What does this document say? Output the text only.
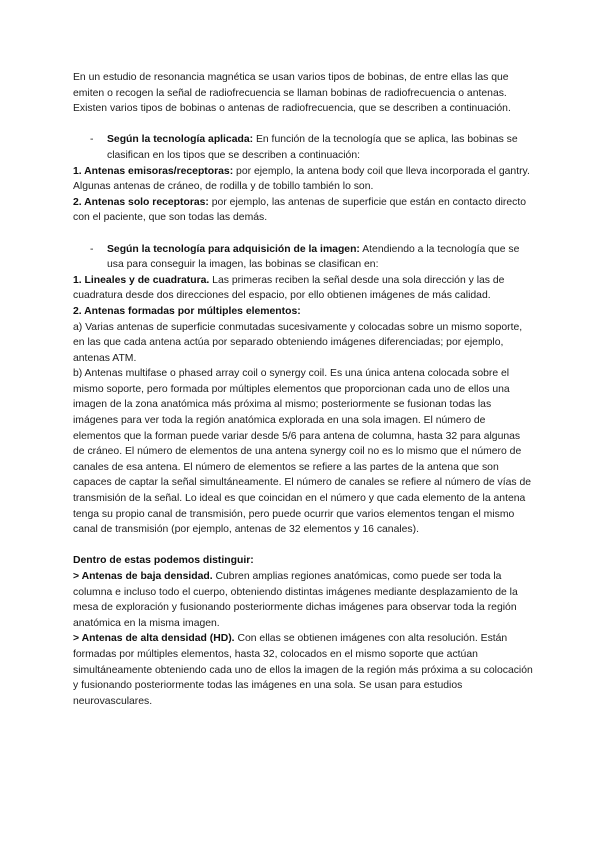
En un estudio de resonancia magnética se usan varios tipos de bobinas, de entre ellas las que emiten o recogen la señal de radiofrecuencia se llaman bobinas de radiofrecuencia o antenas. Existen varios tipos de bobinas o antenas de radiofrecuencia, que se describen a continuación.

- Según la tecnología aplicada: En función de la tecnología que se aplica, las bobinas se clasifican en los tipos que se describen a continuación:

1. Antenas emisoras/receptoras: por ejemplo, la antena body coil que lleva incorporada el gantry. Algunas antenas de cráneo, de rodilla y de tobillo también lo son.

2. Antenas solo receptoras: por ejemplo, las antenas de superficie que están en contacto directo con el paciente, que son todas las demás.

- Según la tecnología para adquisición de la imagen: Atendiendo a la tecnología que se usa para conseguir la imagen, las bobinas se clasifican en:

1. Lineales y de cuadratura. Las primeras reciben la señal desde una sola dirección y las de cuadratura desde dos direcciones del espacio, por ello obtienen imágenes de más calidad.

2. Antenas formadas por múltiples elementos:

a) Varias antenas de superficie conmutadas sucesivamente y colocadas sobre un mismo soporte, en las que cada antena actúa por separado obteniendo imágenes diferenciadas; por ejemplo, antenas ATM.

b) Antenas multifase o phased array coil o synergy coil. Es una única antena colocada sobre el mismo soporte, pero formada por múltiples elementos que proporcionan cada uno de ellos una imagen de la zona anatómica más próxima al mismo; posteriormente se fusionan todas las imágenes para ver toda la región anatómica explorada en una sola imagen. El número de elementos que la forman puede variar desde 5/6 para antena de columna, hasta 32 para algunas de cráneo. El número de elementos de una antena synergy coil no es lo mismo que el número de canales de esa antena. El número de elementos se refiere a las partes de la antena que son capaces de captar la señal simultáneamente. El número de canales se refiere al número de vías de transmisión de la señal. Lo ideal es que coincidan en el número y que cada elemento de la antena tenga su propio canal de transmisión, pero puede ocurrir que varios elementos tengan el mismo canal de transmisión (por ejemplo, antenas de 32 elementos y 16 canales).

Dentro de estas podemos distinguir:

> Antenas de baja densidad. Cubren amplias regiones anatómicas, como puede ser toda la columna e incluso todo el cuerpo, obteniendo distintas imágenes mediante desplazamiento de la mesa de exploración y fusionando posteriormente dichas imágenes para observar toda la región anatómica en la misma imagen.

> Antenas de alta densidad (HD). Con ellas se obtienen imágenes con alta resolución. Están formadas por múltiples elementos, hasta 32, colocados en el mismo soporte que actúan simultáneamente obteniendo cada uno de ellos la imagen de la región más próxima a su colocación y fusionando posteriormente todas las imágenes en una sola. Se usan para estudios neurovasculares.
